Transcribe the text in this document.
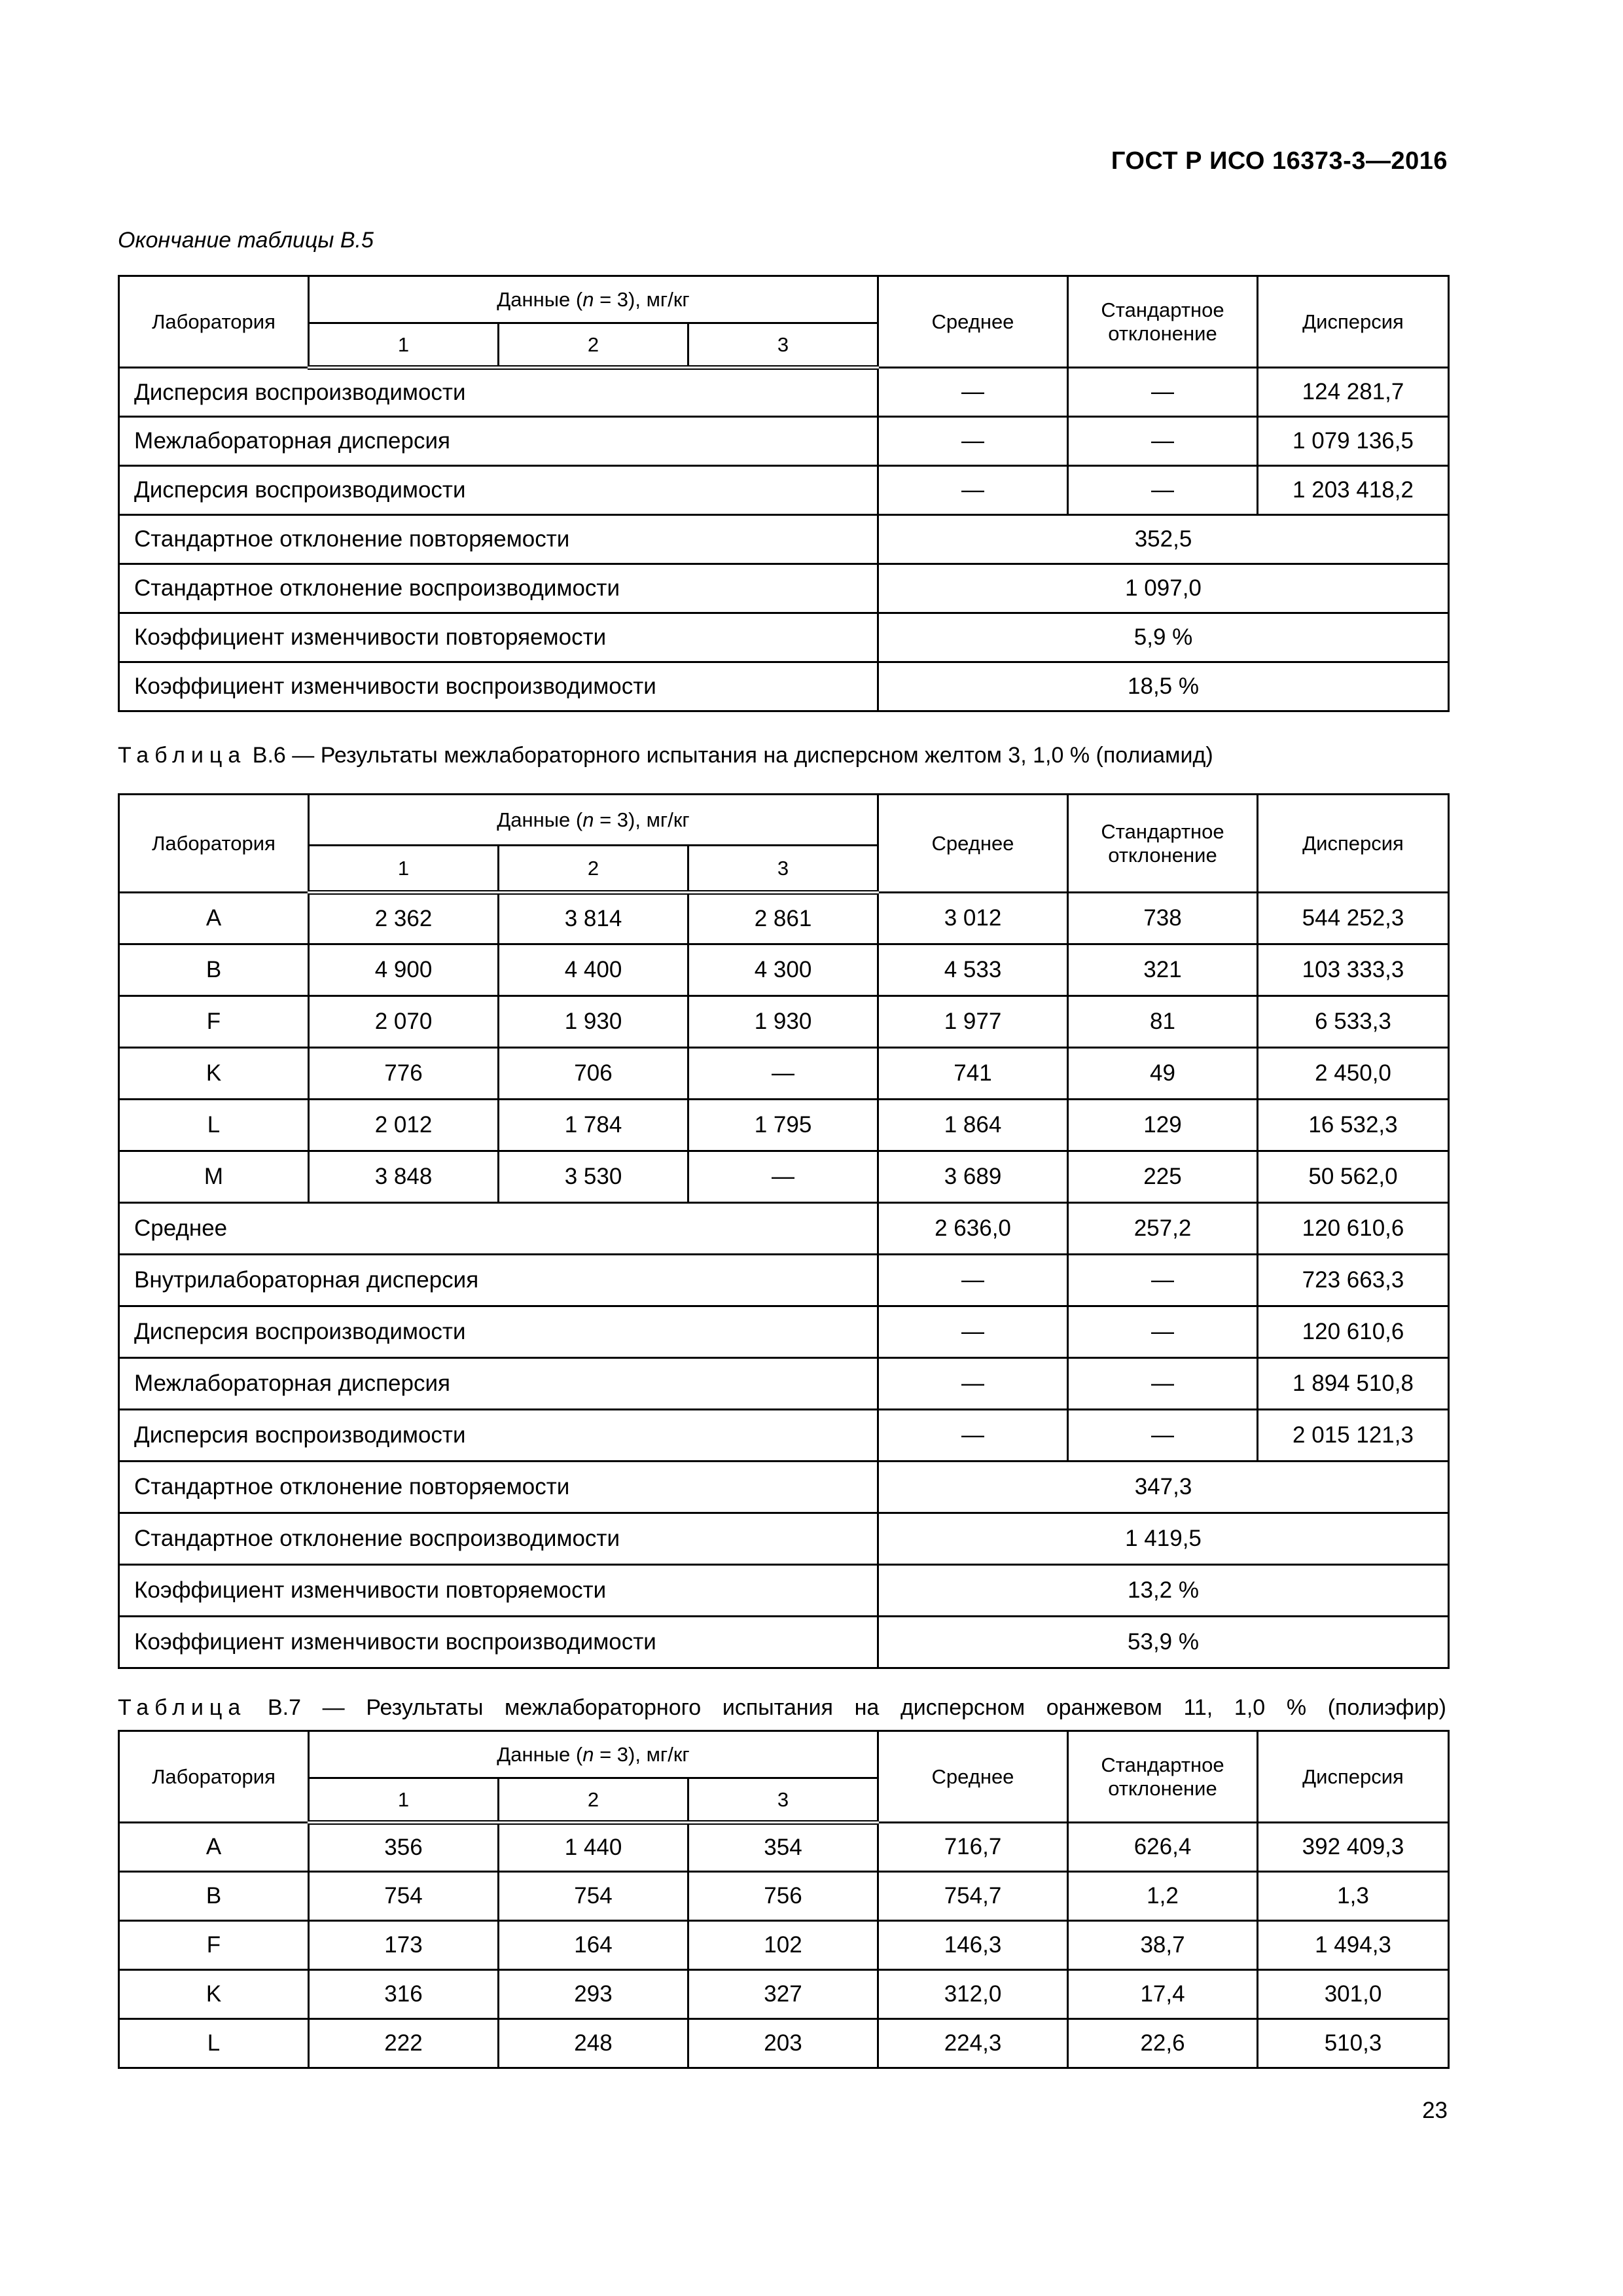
ГОСТ Р ИСО 16373-3—2016
Окончание таблицы B.5
Лаборатория	Данные (n = 3), мг/кг			Среднее	Стандартное отклонение	Дисперсия
	1	2	3			
Дисперсия воспроизводимости				—	—	124 281,7
Межлабораторная дисперсия				—	—	1 079 136,5
Дисперсия воспроизводимости				—	—	1 203 418,2
Стандартное отклонение повторяемости				352,5		
Стандартное отклонение воспроизводимости				1 097,0		
Коэффициент изменчивости повторяемости				5,9 %		
Коэффициент изменчивости воспроизводимости				18,5 %		
Таблица B.6 — Результаты межлабораторного испытания на дисперсном желтом 3, 1,0 % (полиамид)
Лаборатория	Данные (n = 3), мг/кг			Среднее	Стандартное отклонение	Дисперсия
	1	2	3			
A	2 362	3 814	2 861	3 012	738	544 252,3
B	4 900	4 400	4 300	4 533	321	103 333,3
F	2 070	1 930	1 930	1 977	81	6 533,3
K	776	706	—	741	49	2 450,0
L	2 012	1 784	1 795	1 864	129	16 532,3
M	3 848	3 530	—	3 689	225	50 562,0
Среднее				2 636,0	257,2	120 610,6
Внутрилабораторная дисперсия				—	—	723 663,3
Дисперсия воспроизводимости				—	—	120 610,6
Межлабораторная дисперсия				—	—	1 894 510,8
Дисперсия воспроизводимости				—	—	2 015 121,3
Стандартное отклонение повторяемости				347,3		
Стандартное отклонение воспроизводимости				1 419,5		
Коэффициент изменчивости повторяемости				13,2 %		
Коэффициент изменчивости воспроизводимости				53,9 %		
Таблица B.7 — Результаты межлабораторного испытания на дисперсном оранжевом 11, 1,0 % (полиэфир)
Лаборатория	Данные (n = 3), мг/кг			Среднее	Стандартное отклонение	Дисперсия
	1	2	3			
A	356	1 440	354	716,7	626,4	392 409,3
B	754	754	756	754,7	1,2	1,3
F	173	164	102	146,3	38,7	1 494,3
K	316	293	327	312,0	17,4	301,0
L	222	248	203	224,3	22,6	510,3
23
